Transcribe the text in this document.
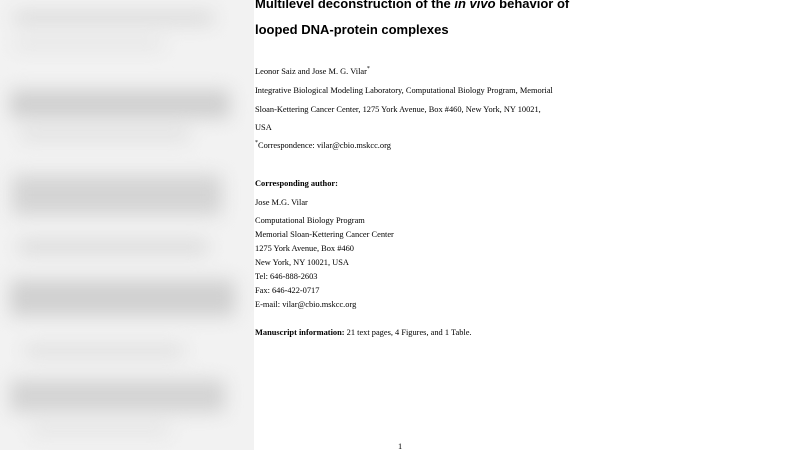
Multilevel deconstruction of the in vivo behavior of
looped DNA-protein complexes
Leonor Saiz and Jose M. G. Vilar*
Integrative Biological Modeling Laboratory, Computational Biology Program, Memorial
Sloan-Kettering Cancer Center, 1275 York Avenue, Box #460, New York, NY 10021,
USA
*Correspondence: vilar@cbio.mskcc.org
Corresponding author:
Jose M.G. Vilar
Computational Biology Program
Memorial Sloan-Kettering Cancer Center
1275 York Avenue, Box #460
New York, NY 10021, USA
Tel: 646-888-2603
Fax: 646-422-0717
E-mail: vilar@cbio.mskcc.org
Manuscript information: 21 text pages, 4 Figures, and 1 Table.
1
